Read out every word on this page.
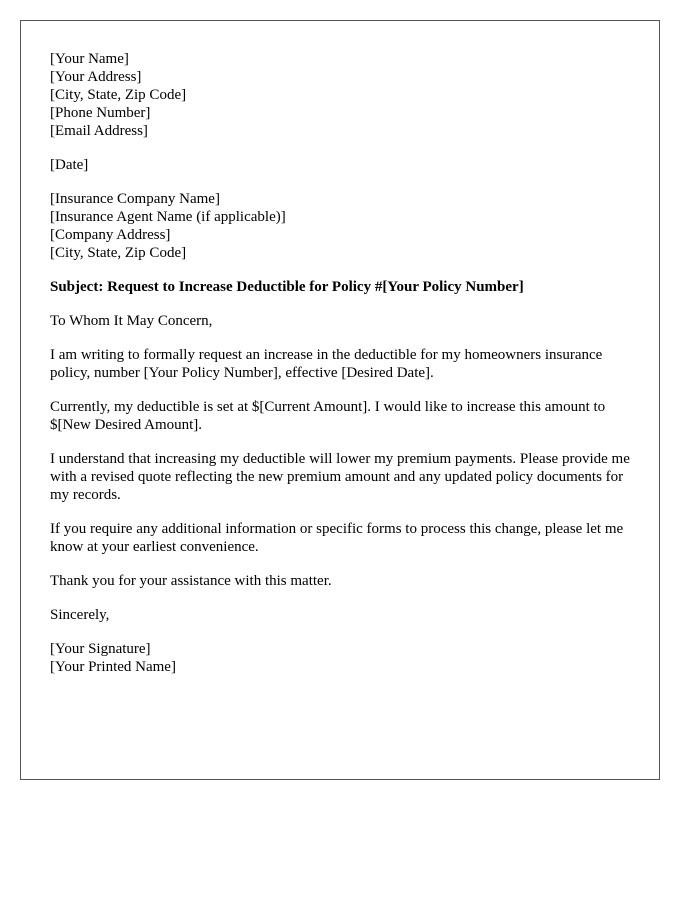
[Your Name]
[Your Address]
[City, State, Zip Code]
[Phone Number]
[Email Address]
[Date]
[Insurance Company Name]
[Insurance Agent Name (if applicable)]
[Company Address]
[City, State, Zip Code]
Subject: Request to Increase Deductible for Policy #[Your Policy Number]
To Whom It May Concern,
I am writing to formally request an increase in the deductible for my homeowners insurance policy, number [Your Policy Number], effective [Desired Date].
Currently, my deductible is set at $[Current Amount]. I would like to increase this amount to $[New Desired Amount].
I understand that increasing my deductible will lower my premium payments. Please provide me with a revised quote reflecting the new premium amount and any updated policy documents for my records.
If you require any additional information or specific forms to process this change, please let me know at your earliest convenience.
Thank you for your assistance with this matter.
Sincerely,
[Your Signature]
[Your Printed Name]
